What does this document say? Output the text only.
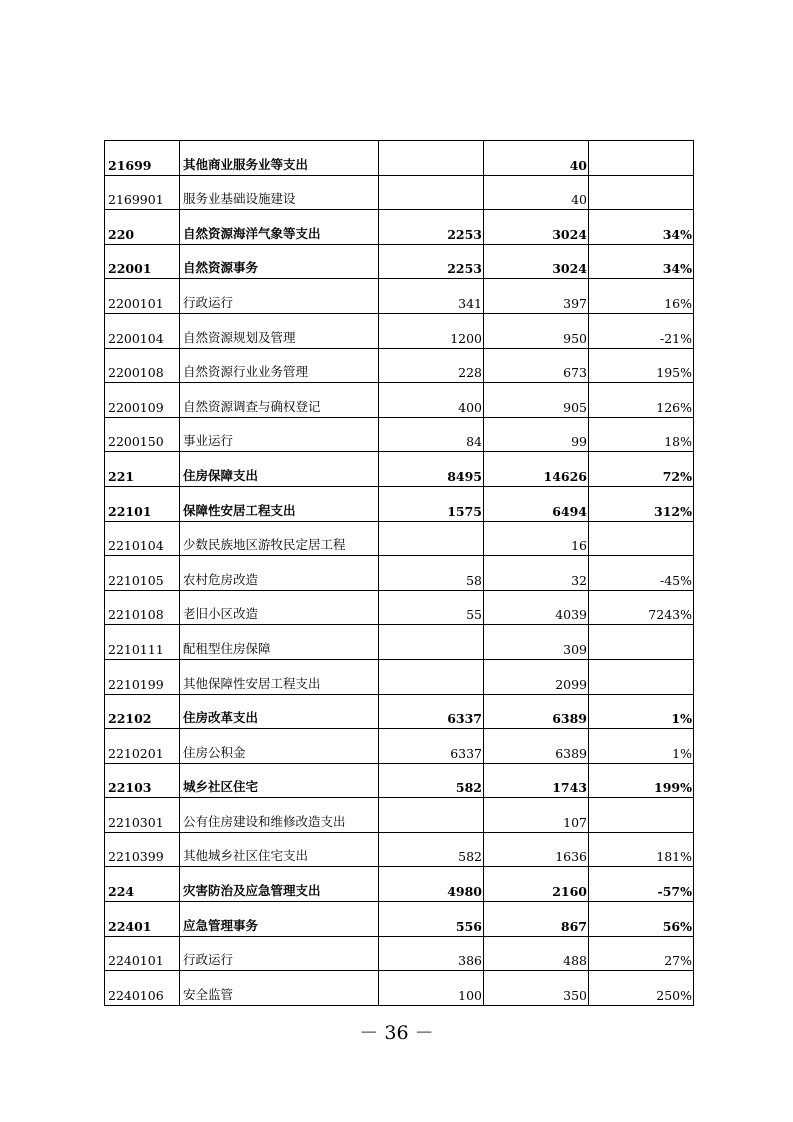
21699	其他商业服务业等支出		40	
2169901	服务业基础设施建设		40	
220	自然资源海洋气象等支出	2253	3024	34%
22001	自然资源事务	2253	3024	34%
2200101	行政运行	341	397	16%
2200104	自然资源规划及管理	1200	950	-21%
2200108	自然资源行业业务管理	228	673	195%
2200109	自然资源调查与确权登记	400	905	126%
2200150	事业运行	84	99	18%
221	住房保障支出	8495	14626	72%
22101	保障性安居工程支出	1575	6494	312%
2210104	少数民族地区游牧民定居工程		16	
2210105	农村危房改造	58	32	-45%
2210108	老旧小区改造	55	4039	7243%
2210111	配租型住房保障		309	
2210199	其他保障性安居工程支出		2099	
22102	住房改革支出	6337	6389	1%
2210201	住房公积金	6337	6389	1%
22103	城乡社区住宅	582	1743	199%
2210301	公有住房建设和维修改造支出		107	
2210399	其他城乡社区住宅支出	582	1636	181%
224	灾害防治及应急管理支出	4980	2160	-57%
22401	应急管理事务	556	867	56%
2240101	行政运行	386	488	27%
2240106	安全监管	100	350	250%
－ 36 －
